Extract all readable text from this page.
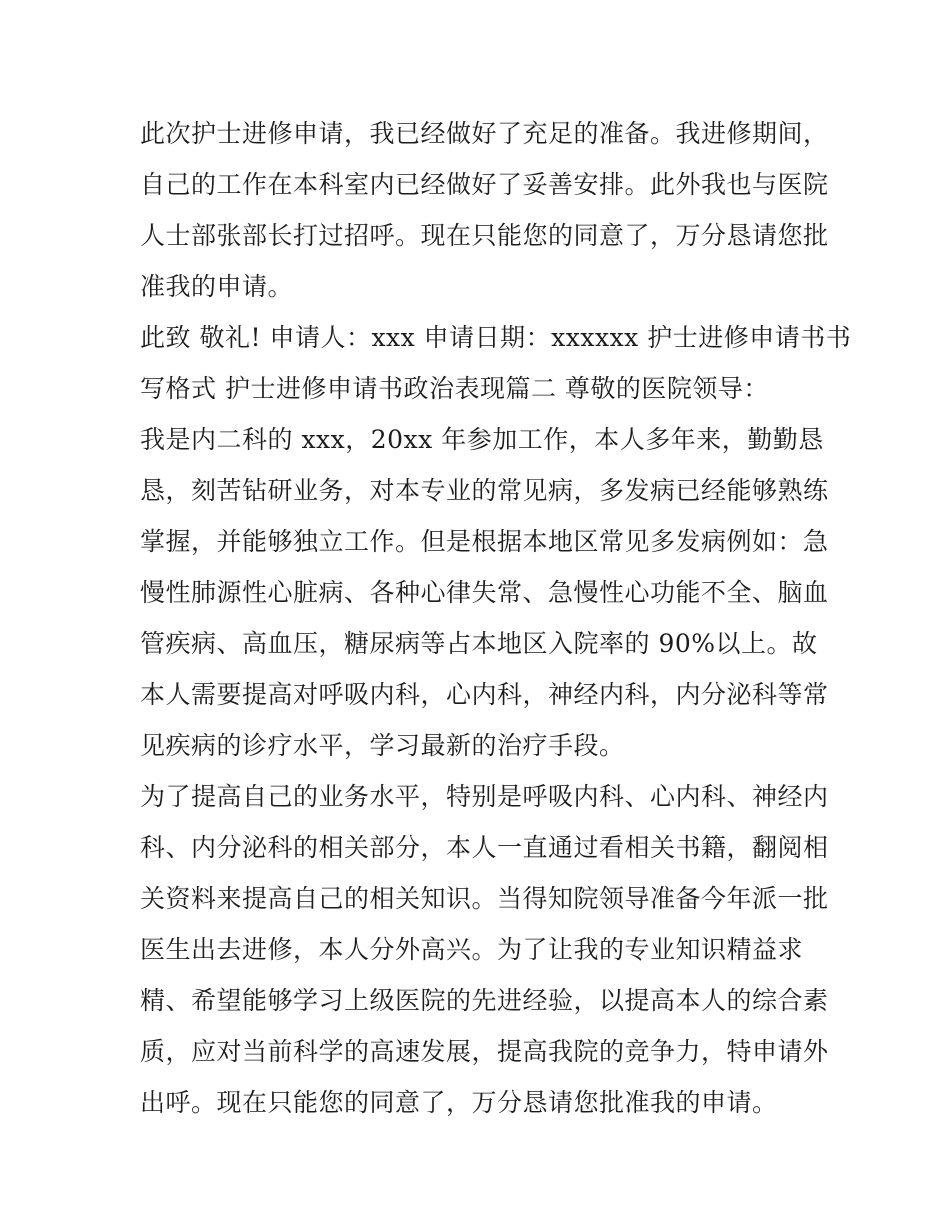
此次护士进修申请，我已经做好了充足的准备。我进修期间，
自己的工作在本科室内已经做好了妥善安排。此外我也与医院
人士部张部长打过招呼。现在只能您的同意了，万分恳请您批
准我的申请。

此致 敬礼! 申请人：xxx 申请日期：xxxxxx 护士进修申请书书
写格式 护士进修申请书政治表现篇二 尊敬的医院领导：

我是内二科的 xxx，20xx 年参加工作，本人多年来，勤勤恳
恳，刻苦钻研业务，对本专业的常见病，多发病已经能够熟练
掌握，并能够独立工作。但是根据本地区常见多发病例如：急
慢性肺源性心脏病、各种心律失常、急慢性心功能不全、脑血
管疾病、高血压，糖尿病等占本地区入院率的 90%以上。故
本人需要提高对呼吸内科，心内科，神经内科，内分泌科等常
见疾病的诊疗水平，学习最新的治疗手段。

为了提高自己的业务水平，特别是呼吸内科、心内科、神经内
科、内分泌科的相关部分，本人一直通过看相关书籍，翻阅相
关资料来提高自己的相关知识。当得知院领导准备今年派一批
医生出去进修，本人分外高兴。为了让我的专业知识精益求
精、希望能够学习上级医院的先进经验，以提高本人的综合素
质，应对当前科学的高速发展，提高我院的竞争力，特申请外
出呼。现在只能您的同意了，万分恳请您批准我的申请。
